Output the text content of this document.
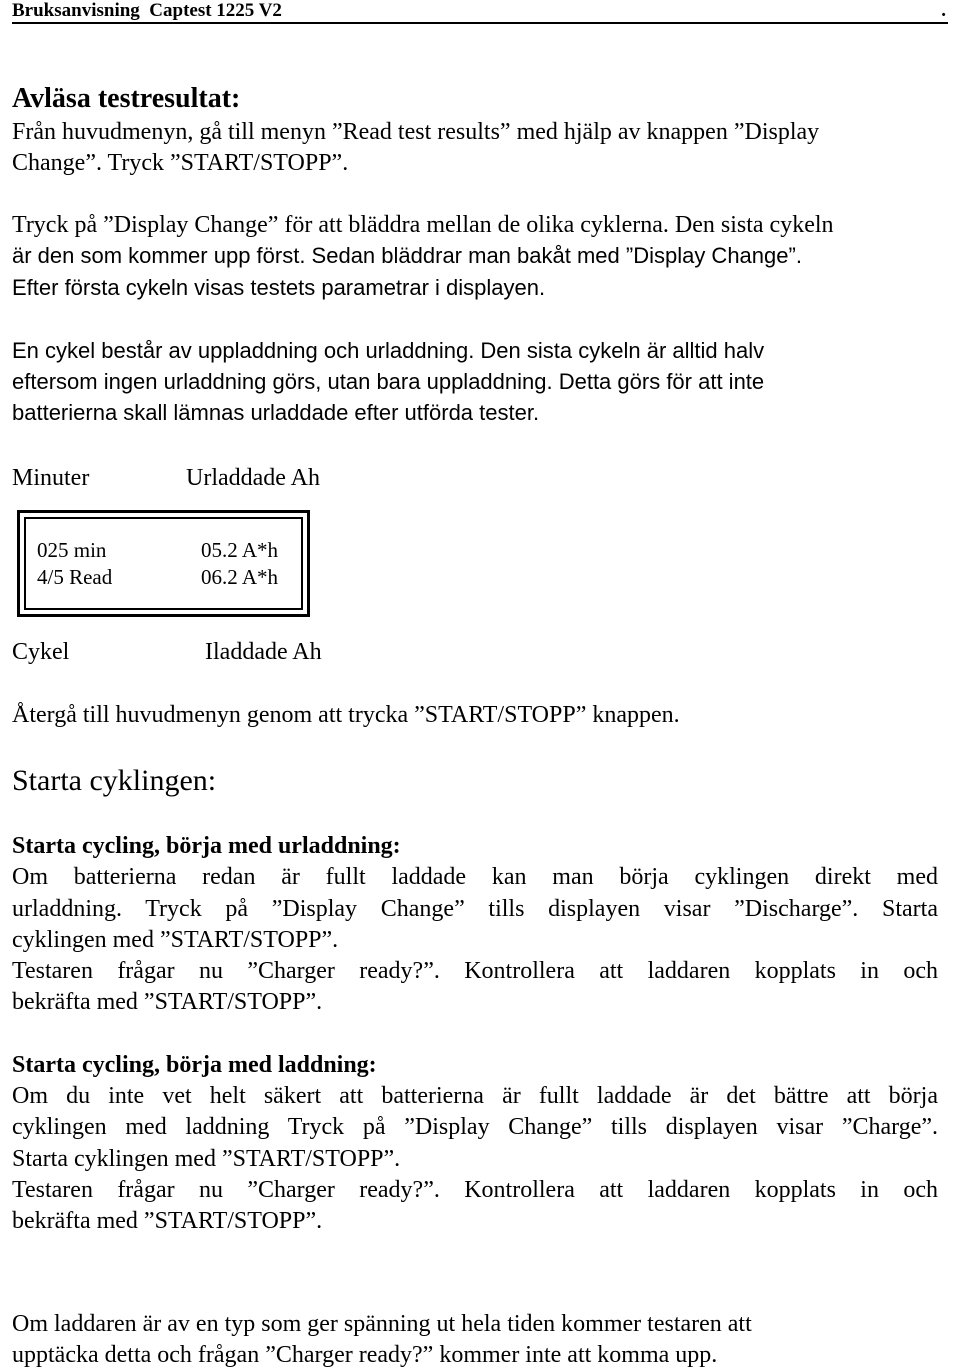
Bruksanvisning  Captest 1225 V2	.
Avläsa testresultat:
Från huvudmenyn, gå till menyn ”Read test results” med hjälp av knappen ”Display
Change”. Tryck ”START/STOPP”.
Tryck på ”Display Change” för att bläddra mellan de olika cyklerna. Den sista cykeln
är den som kommer upp först. Sedan bläddrar man bakåt med ”Display Change”.
Efter första cykeln visas testets parametrar i displayen.
En cykel består av uppladdning och urladdning. Den sista cykeln är alltid halv
eftersom ingen urladdning görs, utan bara uppladdning. Detta görs för att inte
batterierna skall lämnas urladdade efter utförda tester.
Minuter	Urladdade Ah
025 min	05.2 A*h
4/5 Read	06.2 A*h
Cykel	Iladdade Ah
Återgå till huvudmenyn genom att trycka ”START/STOPP” knappen.
Starta cyklingen:
Starta cycling, börja med urladdning:
Om batterierna redan är fullt laddade kan man börja cyklingen direkt med
urladdning. Tryck på ”Display Change” tills displayen visar ”Discharge”. Starta
cyklingen med ”START/STOPP”.
Testaren frågar nu ”Charger ready?”. Kontrollera att laddaren kopplats in och
bekräfta med ”START/STOPP”.
Starta cycling, börja med laddning:
Om du inte vet helt säkert att batterierna är fullt laddade är det bättre att börja
cyklingen med laddning Tryck på ”Display Change” tills displayen visar ”Charge”.
Starta cyklingen med ”START/STOPP”.
Testaren frågar nu ”Charger ready?”. Kontrollera att laddaren kopplats in och
bekräfta med ”START/STOPP”.
Om laddaren är av en typ som ger spänning ut hela tiden kommer testaren att
upptäcka detta och frågan ”Charger ready?” kommer inte att komma upp.
